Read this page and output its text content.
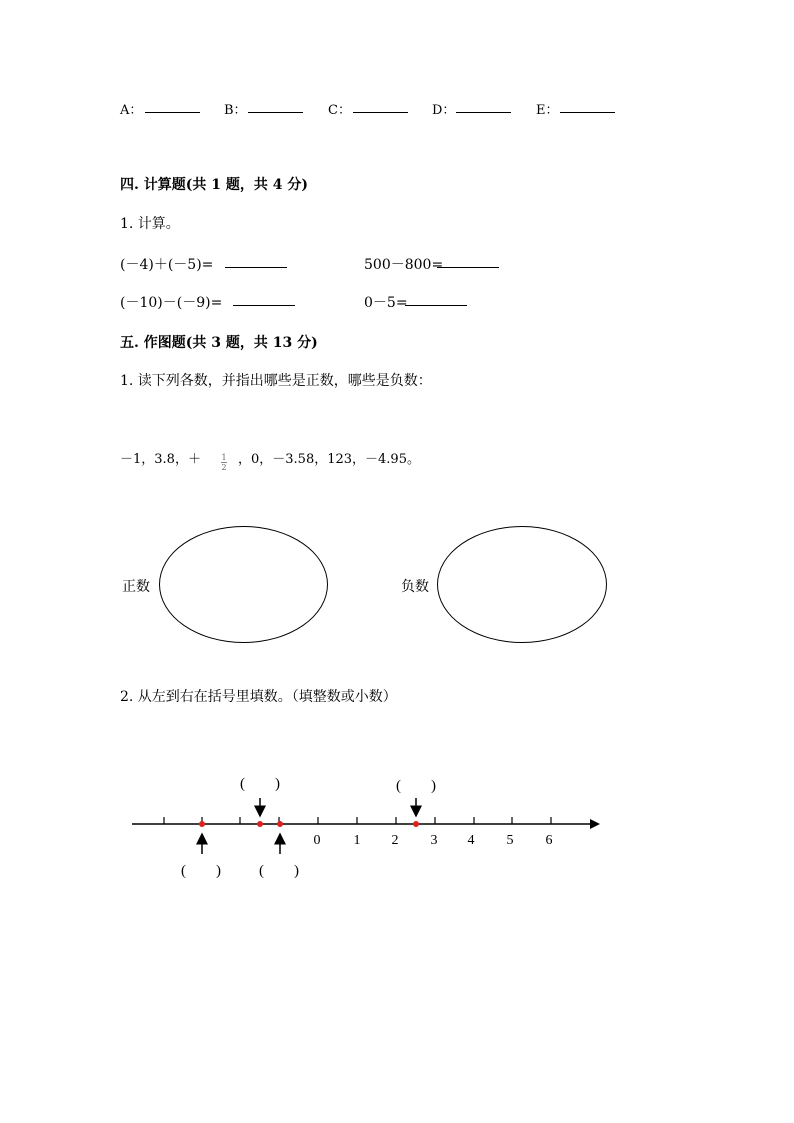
A：	B：	C：	D：	E：
四. 计算题(共 1 题，共 4 分)
1. 计算。
(－4)＋(－5)=	500－800=
(－10)－(－9)=	0－5=
五. 作图题(共 3 题，共 13 分)
1. 读下列各数，并指出哪些是正数，哪些是负数：
－1，3.8，＋	1
2
，0，－3.58，123，－4.95。
正数	负数
2. 从左到右在括号里填数。（填整数或小数）
0 1 2 3 4 5 6
(　　)	(　　)
(　　)	(　　)
